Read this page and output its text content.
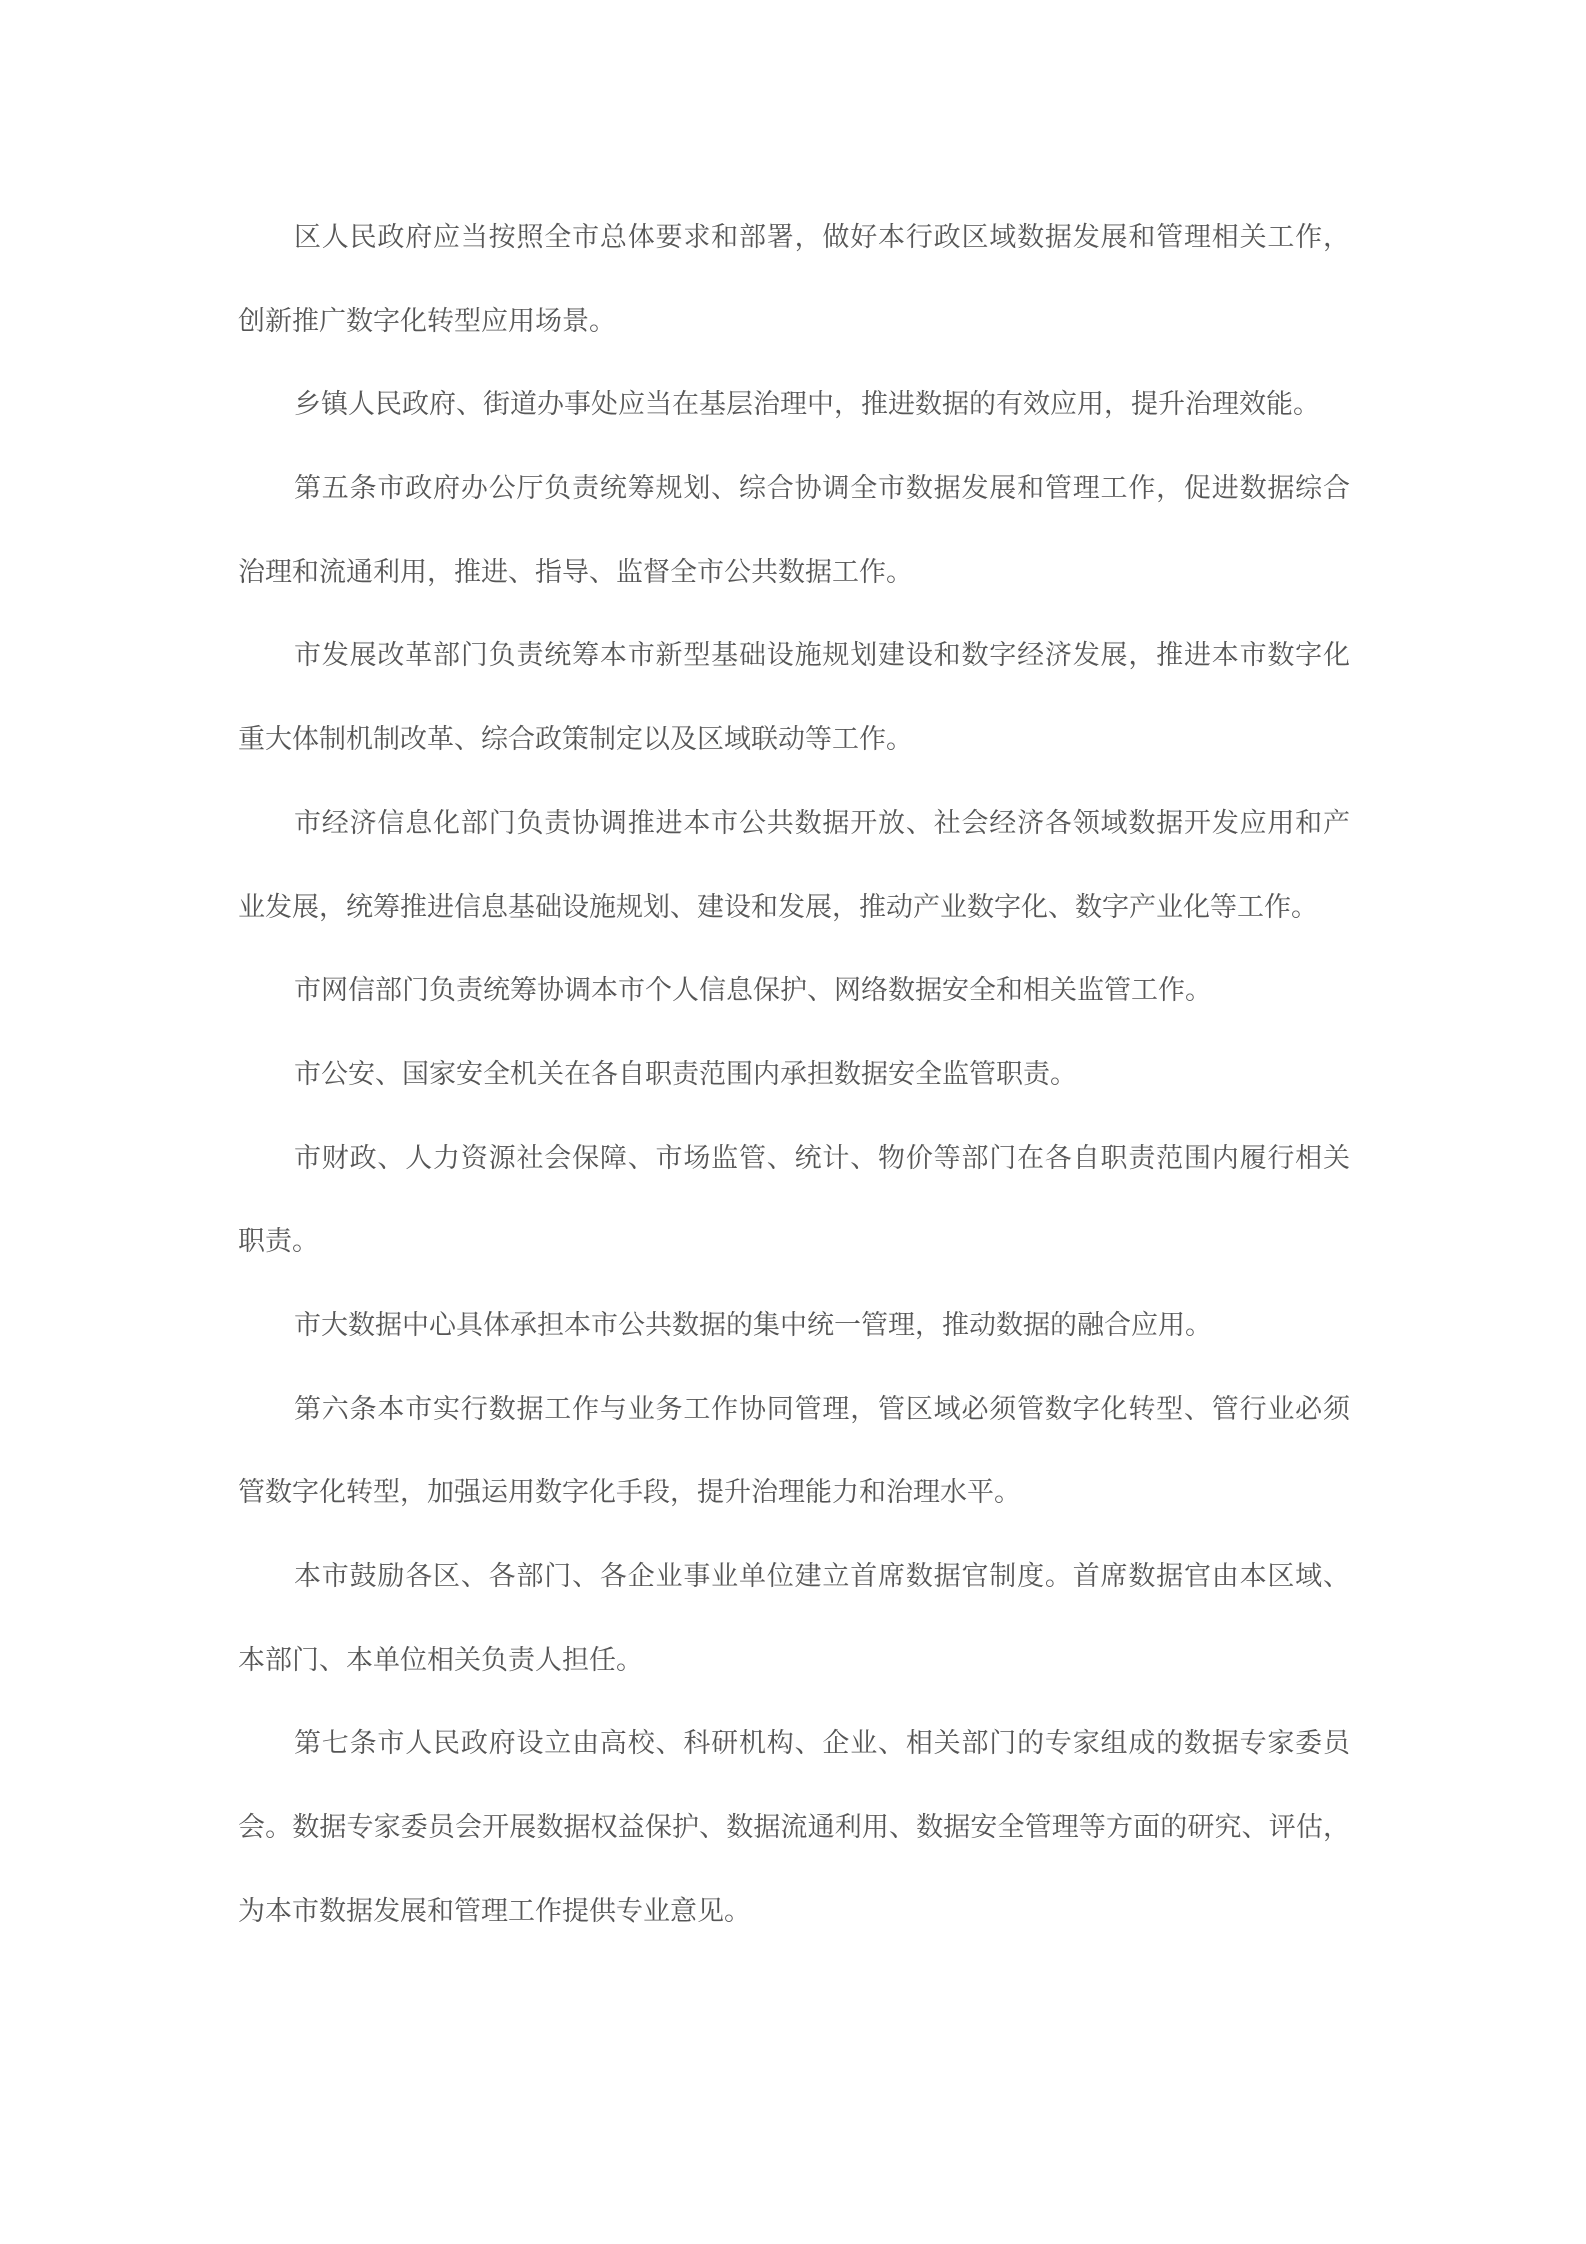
区人民政府应当按照全市总体要求和部署，做好本行政区域数据发展和管理相关工作，
创新推广数字化转型应用场景。
乡镇人民政府、街道办事处应当在基层治理中，推进数据的有效应用，提升治理效能。
第五条市政府办公厅负责统筹规划、综合协调全市数据发展和管理工作，促进数据综合
治理和流通利用，推进、指导、监督全市公共数据工作。
市发展改革部门负责统筹本市新型基础设施规划建设和数字经济发展，推进本市数字化
重大体制机制改革、综合政策制定以及区域联动等工作。
市经济信息化部门负责协调推进本市公共数据开放、社会经济各领域数据开发应用和产
业发展，统筹推进信息基础设施规划、建设和发展，推动产业数字化、数字产业化等工作。
市网信部门负责统筹协调本市个人信息保护、网络数据安全和相关监管工作。
市公安、国家安全机关在各自职责范围内承担数据安全监管职责。
市财政、人力资源社会保障、市场监管、统计、物价等部门在各自职责范围内履行相关
职责。
市大数据中心具体承担本市公共数据的集中统一管理，推动数据的融合应用。
第六条本市实行数据工作与业务工作协同管理，管区域必须管数字化转型、管行业必须
管数字化转型，加强运用数字化手段，提升治理能力和治理水平。
本市鼓励各区、各部门、各企业事业单位建立首席数据官制度。首席数据官由本区域、
本部门、本单位相关负责人担任。
第七条市人民政府设立由高校、科研机构、企业、相关部门的专家组成的数据专家委员
会。数据专家委员会开展数据权益保护、数据流通利用、数据安全管理等方面的研究、评估，
为本市数据发展和管理工作提供专业意见。
